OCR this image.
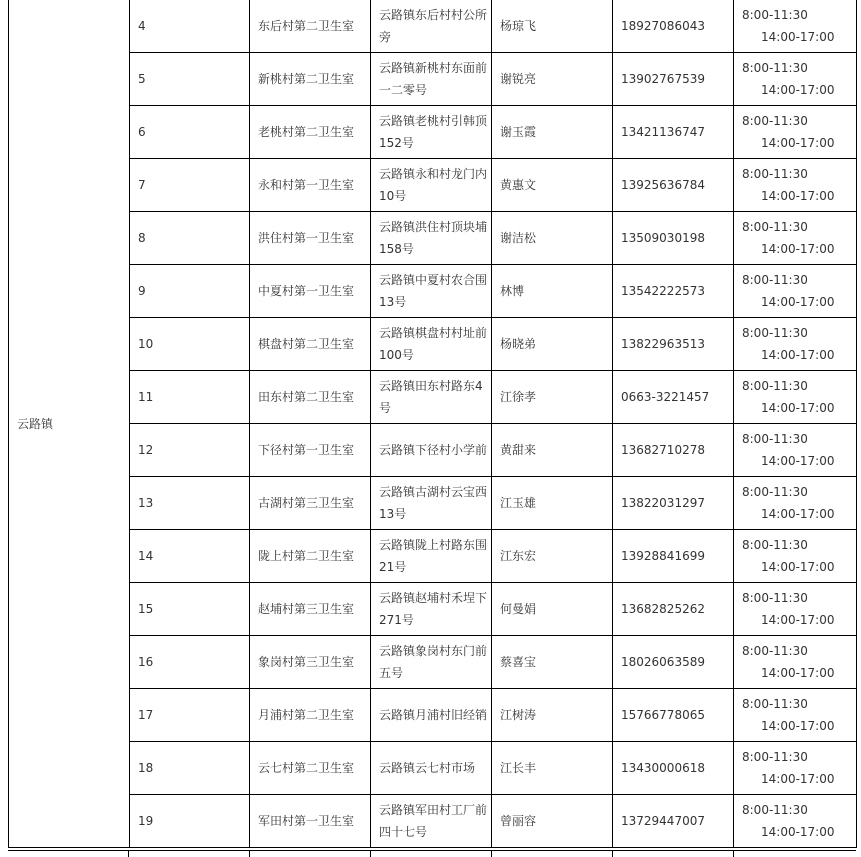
云路镇	4	东后村第二卫生室	云路镇东后村村公所旁	杨琼飞	18927086043	8:00-11:30
14:00-17:00

	5	新桃村第二卫生室	云路镇新桃村东面前一二零号	谢锐亮	13902767539	8:00-11:30
14:00-17:00

	6	老桃村第二卫生室	云路镇老桃村引韩顶152号	谢玉霞	13421136747	8:00-11:30
14:00-17:00

	7	永和村第一卫生室	云路镇永和村龙门内10号	黄惠文	13925636784	8:00-11:30
14:00-17:00

	8	洪住村第一卫生室	云路镇洪住村顶块埔158号	谢洁松	13509030198	8:00-11:30
14:00-17:00

	9	中夏村第一卫生室	云路镇中夏村农合围13号	林博	13542222573	8:00-11:30
14:00-17:00

	10	棋盘村第二卫生室	云路镇棋盘村村址前100号	杨晓弟	13822963513	8:00-11:30
14:00-17:00

	11	田东村第二卫生室	云路镇田东村路东4号	江徐孝	0663-3221457	8:00-11:30
14:00-17:00

	12	下径村第一卫生室	云路镇下径村小学前	黄甜来	13682710278	8:00-11:30
14:00-17:00

	13	古湖村第三卫生室	云路镇古湖村云宝西13号	江玉雄	13822031297	8:00-11:30
14:00-17:00

	14	陇上村第二卫生室	云路镇陇上村路东围21号	江东宏	13928841699	8:00-11:30
14:00-17:00

	15	赵埔村第三卫生室	云路镇赵埔村禾埕下271号	何曼娟	13682825262	8:00-11:30
14:00-17:00

	16	象岗村第三卫生室	云路镇象岗村东门前五号	蔡喜宝	18026063589	8:00-11:30
14:00-17:00

	17	月浦村第二卫生室	云路镇月浦村旧经销	江树涛	15766778065	8:00-11:30
14:00-17:00

	18	云七村第二卫生室	云路镇云七村市场	江长丰	13430000618	8:00-11:30
14:00-17:00

	19	军田村第一卫生室	云路镇军田村工厂前四十七号	曾丽容	13729447007	8:00-11:30
14:00-17:00
